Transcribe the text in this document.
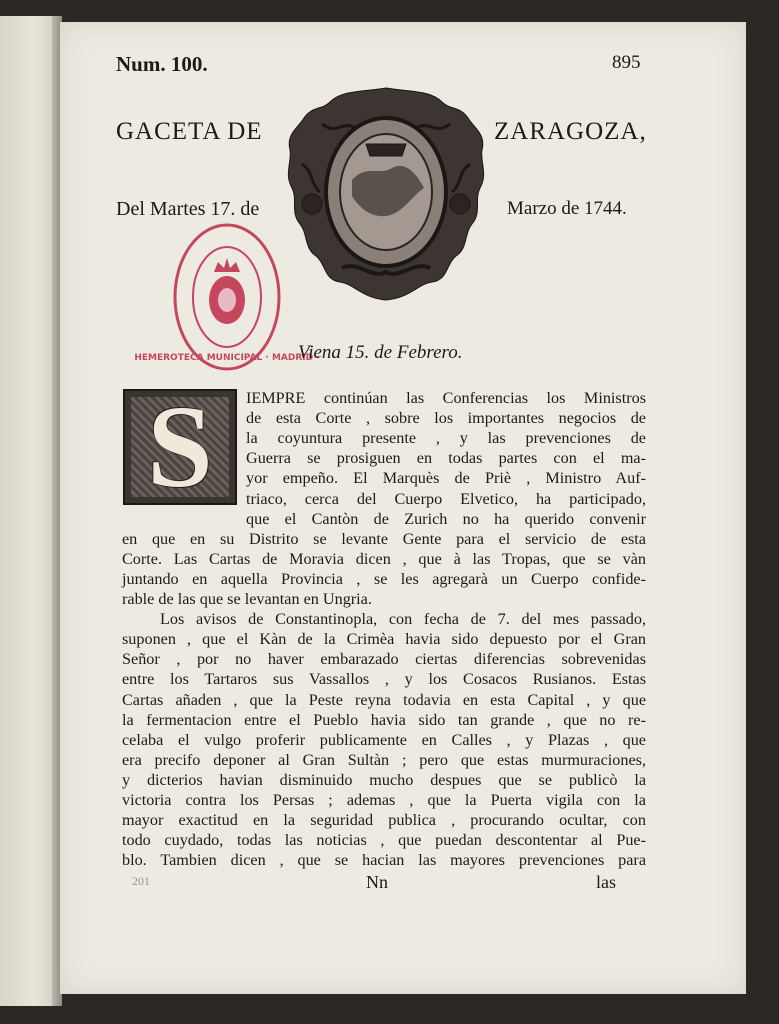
Num. 100.	895
GACETA DE	ZARAGOZA,
Del Martes 17. de	Marzo de 1744.
HEMEROTECA MUNICIPAL · MADRID ·
Viena 15. de Febrero.
S	IEMPRE continúan las Conferencias los Ministros
de esta Corte , sobre los importantes negocios de
la coyuntura presente , y las prevenciones de
Guerra se prosiguen en todas partes con el ma-
yor empeño. El Marquès de Priè , Ministro Auf-
triaco, cerca del Cuerpo Elvetico, ha participado,
que el Cantòn de Zurich no ha querido convenir
en que en su Distrito se levante Gente para el servicio de esta
Corte. Las Cartas de Moravia dicen , que à las Tropas, que se vàn
juntando en aquella Provincia , se les agregarà un Cuerpo confide-
rable de las que se levantan en Ungria.
Los avisos de Constantinopla, con fecha de 7. del mes passado,
suponen , que el Kàn de la Crimèa havia sido depuesto por el Gran
Señor , por no haver embarazado ciertas diferencias sobrevenidas
entre los Tartaros sus Vassallos , y los Cosacos Rusianos. Estas
Cartas añaden , que la Peste reyna todavia en esta Capital , y que
la fermentacion entre el Pueblo havia sido tan grande , que no re-
celaba el vulgo proferir publicamente en Calles , y Plazas , que
era precifo deponer al Gran Sultàn ; pero que estas murmuraciones,
y dicterios havian disminuido mucho despues que se publicò la
victoria contra los Persas ; ademas , que la Puerta vigila con la
mayor exactitud en la seguridad publica , procurando ocultar, con
todo cuydado, todas las noticias , que puedan descontentar al Pue-
blo. Tambien dicen , que se hacian las mayores prevenciones para
201	Nn	las
